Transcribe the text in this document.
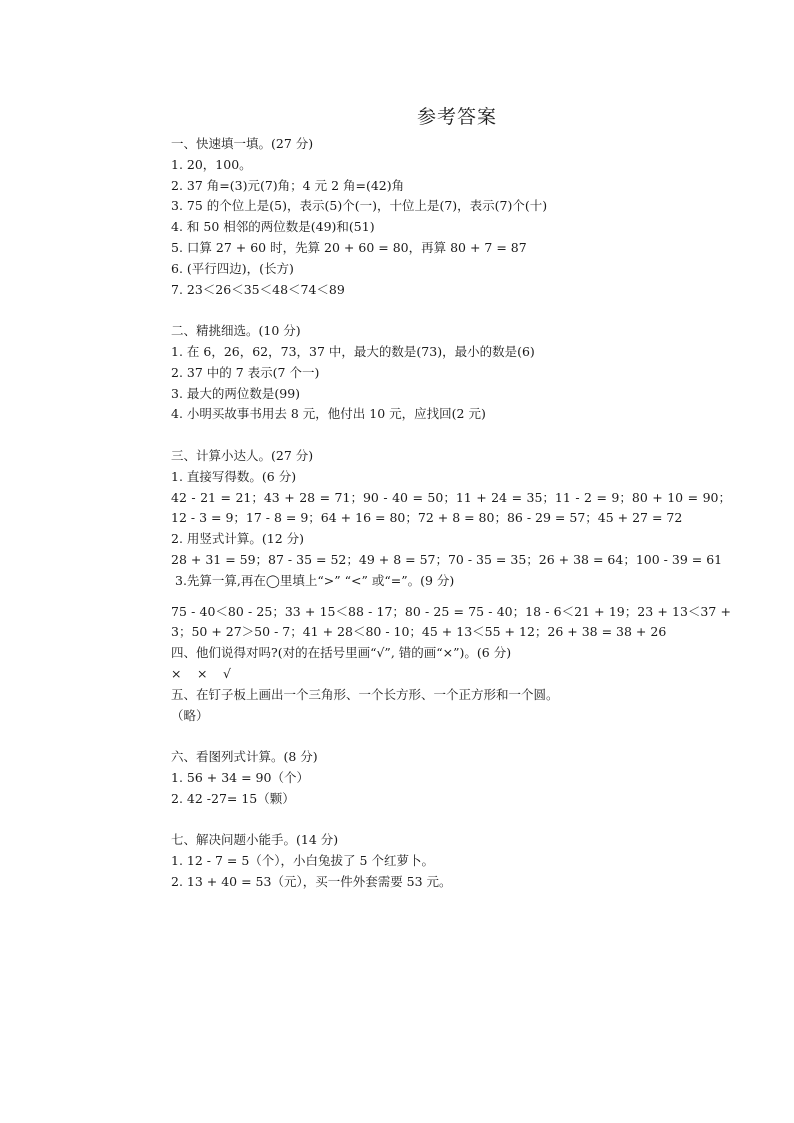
参考答案
一、快速填一填。(27 分)
1. 20，100。
2. 37 角=(3)元(7)角；4 元 2 角=(42)角
3. 75 的个位上是(5)，表示(5)个(一)，十位上是(7)，表示(7)个(十)
4. 和 50 相邻的两位数是(49)和(51)
5. 口算 27 + 60 时，先算 20 + 60 = 80，再算 80 + 7 = 87
6. (平行四边)，(长方)
7. 23＜26＜35＜48＜74＜89
二、精挑细选。(10 分)
1. 在 6，26，62，73，37 中，最大的数是(73)，最小的数是(6)
2. 37 中的 7 表示(7 个一)
3. 最大的两位数是(99)
4. 小明买故事书用去 8 元，他付出 10 元，应找回(2 元)
三、计算小达人。(27 分)
1. 直接写得数。(6 分)
42 - 21 = 21；43 + 28 = 71；90 - 40 = 50；11 + 24 = 35；11 - 2 = 9；80 + 10 = 90；12 - 3 = 9；17 - 8 = 9；64 + 16 = 80；72 + 8 = 80；86 - 29 = 57；45 + 27 = 72
2. 用竖式计算。(12 分)
28 + 31 = 59；87 - 35 = 52；49 + 8 = 57；70 - 35 = 35；26 + 38 = 64；100 - 39 = 61
3.先算一算,再在◯里填上“>” “<” 或“=”。(9 分)
75 - 40＜80 - 25；33 + 15＜88 - 17；80 - 25 = 75 - 40；18 - 6＜21 + 19；23 + 13＜37 + 3；50 + 27＞50 - 7；41 + 28＜80 - 10；45 + 13＜55 + 12；26 + 38 = 38 + 26
四、他们说得对吗?(对的在括号里画“√”, 错的画“×”)。(6 分)
× × √
五、在钉子板上画出一个三角形、一个长方形、一个正方形和一个圆。
（略）
六、看图列式计算。(8 分)
1. 56 + 34 = 90（个）
2. 42 -27= 15（颗）
七、解决问题小能手。(14 分)
1. 12 - 7 = 5（个），小白兔拔了 5 个红萝卜。
2. 13 + 40 = 53（元），买一件外套需要 53 元。
